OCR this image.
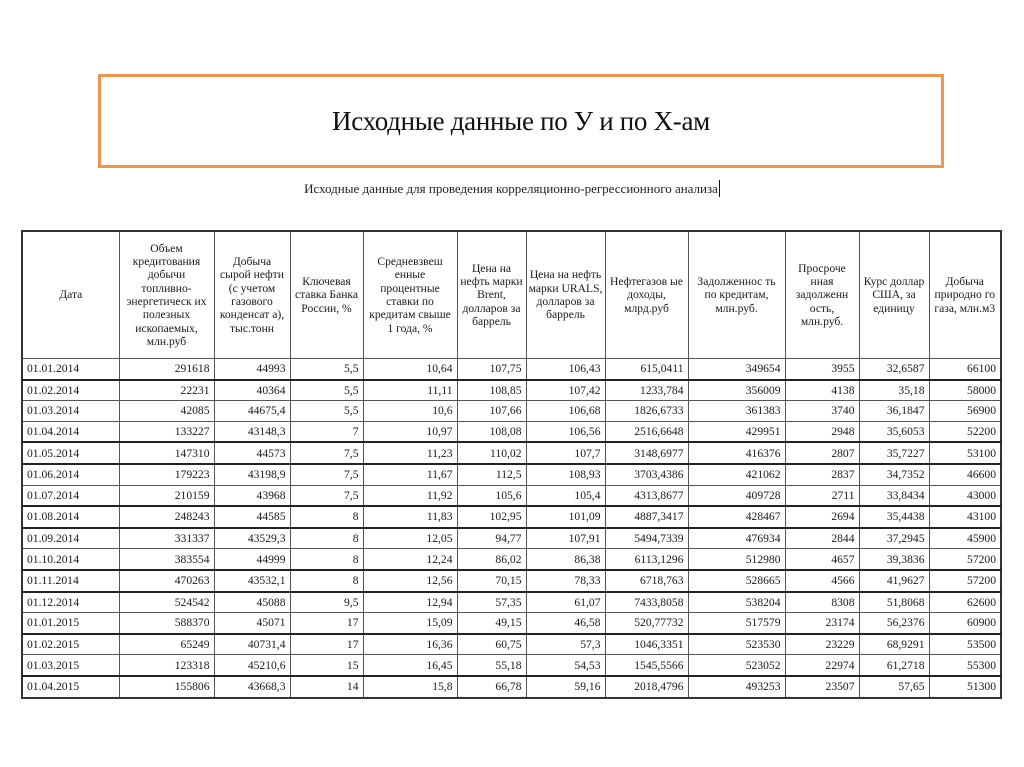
Исходные данные по У и по Х-ам
Исходные данные для проведения корреляционно-регрессионного анализа
Дата	Объем кредитования добычи топливно-энергетическ их полезных ископаемых, млн.руб	Добыча сырой нефти (с учетом газового конденсат а), тыс.тонн	Ключевая ставка Банка России, %	Средневзвеш енные процентные ставки по кредитам свыше 1 года, %	Цена на нефть марки Brent, долларов за баррель	Цена на нефть марки URALS, долларов за баррель	Нефтегазов ые доходы, млрд.руб	Задолженнос ть по кредитам, млн.руб.	Просроче нная задолженн ость, млн.руб.	Курс доллар США, за единицу	Добыча природно го газа, млн.м3
01.01.2014	291618	44993	5,5	10,64	107,75	106,43	615,0411	349654	3955	32,6587	66100
01.02.2014	22231	40364	5,5	11,11	108,85	107,42	1233,784	356009	4138	35,18	58000
01.03.2014	42085	44675,4	5,5	10,6	107,66	106,68	1826,6733	361383	3740	36,1847	56900
01.04.2014	133227	43148,3	7	10,97	108,08	106,56	2516,6648	429951	2948	35,6053	52200
01.05.2014	147310	44573	7,5	11,23	110,02	107,7	3148,6977	416376	2807	35,7227	53100
01.06.2014	179223	43198,9	7,5	11,67	112,5	108,93	3703,4386	421062	2837	34,7352	46600
01.07.2014	210159	43968	7,5	11,92	105,6	105,4	4313,8677	409728	2711	33,8434	43000
01.08.2014	248243	44585	8	11,83	102,95	101,09	4887,3417	428467	2694	35,4438	43100
01.09.2014	331337	43529,3	8	12,05	94,77	107,91	5494,7339	476934	2844	37,2945	45900
01.10.2014	383554	44999	8	12,24	86,02	86,38	6113,1296	512980	4657	39,3836	57200
01.11.2014	470263	43532,1	8	12,56	70,15	78,33	6718,763	528665	4566	41,9627	57200
01.12.2014	524542	45088	9,5	12,94	57,35	61,07	7433,8058	538204	8308	51,8068	62600
01.01.2015	588370	45071	17	15,09	49,15	46,58	520,77732	517579	23174	56,2376	60900
01.02.2015	65249	40731,4	17	16,36	60,75	57,3	1046,3351	523530	23229	68,9291	53500
01.03.2015	123318	45210,6	15	16,45	55,18	54,53	1545,5566	523052	22974	61,2718	55300
01.04.2015	155806	43668,3	14	15,8	66,78	59,16	2018,4796	493253	23507	57,65	51300
